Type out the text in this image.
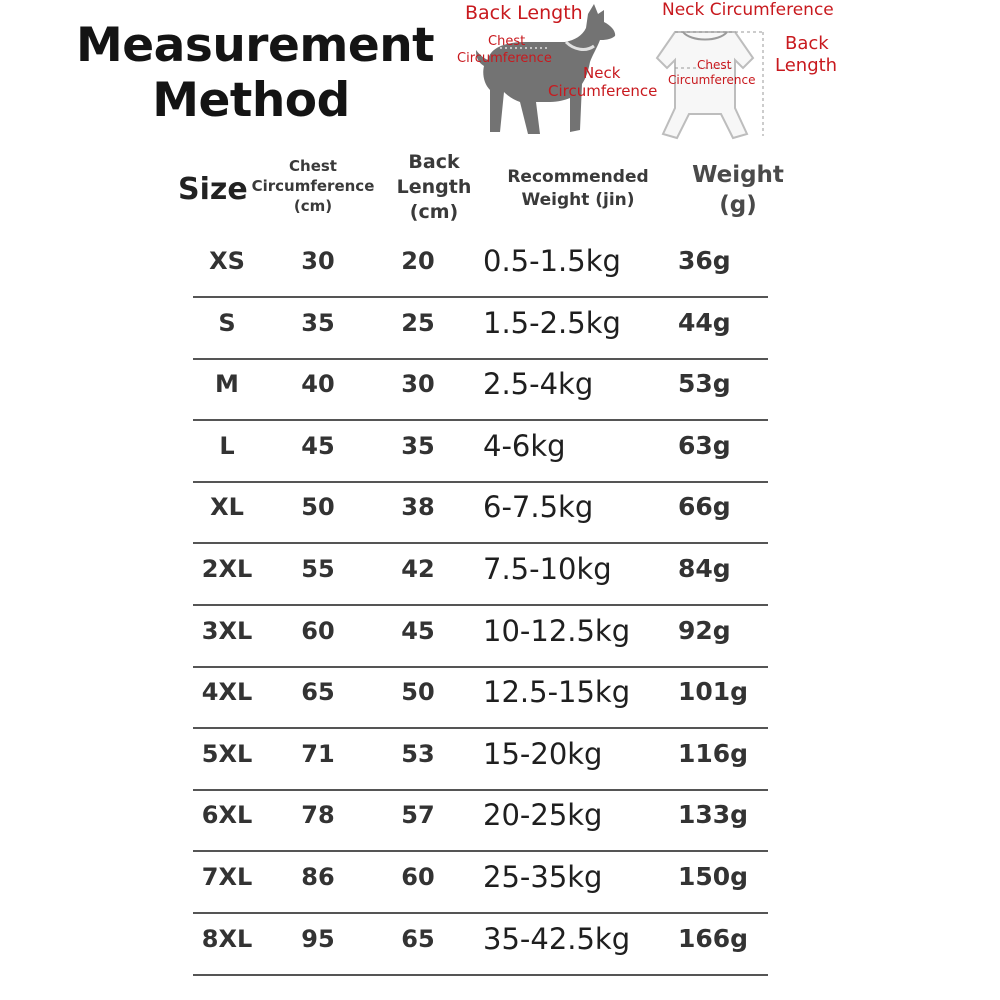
Measurement
Method
Back Length
Chest
Circumference
Neck
Circumference
Neck Circumference
Back
Length
Chest
Circumference
Size
Chest
Circumference
(cm)
Back
Length
(cm)
Recommended
Weight (jin)
Weight
(g)
XS	30	20 0.5-1.5kg	36g
S	35	25 1.5-2.5kg	44g
M	40	30 2.5-4kg	53g
L	45	35 4-6kg	63g
XL	50	38 6-7.5kg	66g
2XL	55	42 7.5-10kg	84g
3XL	60	45 10-12.5kg	92g
4XL	65	50 12.5-15kg	101g
5XL	71	53 15-20kg	116g
6XL	78	57 20-25kg	133g
7XL	86	60 25-35kg	150g
8XL	95	65 35-42.5kg	166g
